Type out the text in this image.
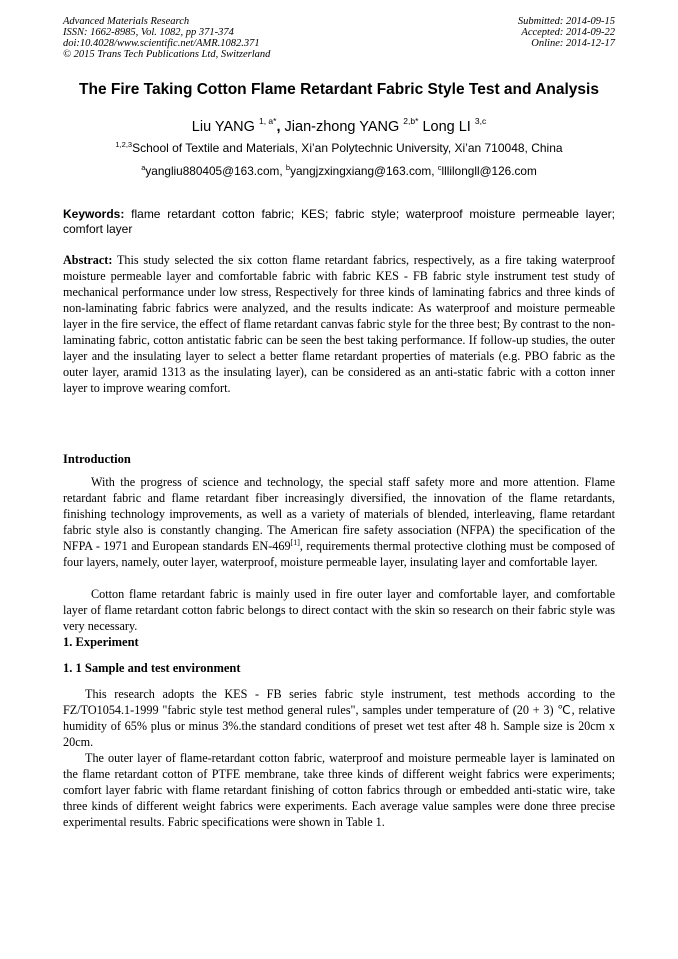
Advanced Materials Research
ISSN: 1662-8985, Vol. 1082, pp 371-374
doi:10.4028/www.scientific.net/AMR.1082.371
© 2015 Trans Tech Publications Ltd, Switzerland
Submitted: 2014-09-15
Accepted: 2014-09-22
Online: 2014-12-17
The Fire Taking Cotton Flame Retardant Fabric Style Test and Analysis
Liu YANG $^{1, a*}$, Jian-zhong YANG $^{2,b*}$ Long LI $^{3,c}$
$^{1,2,3}$School of Textile and Materials, Xi’an Polytechnic University, Xi’an 710048, China
$^a$yangliu880405@163.com, $^b$yangjzxingxiang@163.com, $^c$lllilongll@126.com
Keywords: flame retardant cotton fabric; KES; fabric style; waterproof moisture permeable layer; comfort layer
Abstract: This study selected the six cotton flame retardant fabrics, respectively, as a fire taking waterproof moisture permeable layer and comfortable fabric with fabric KES - FB fabric style instrument test study of mechanical performance under low stress, Respectively for three kinds of laminating fabrics and three kinds of non-laminating fabric fabrics were analyzed, and the results indicate: As waterproof and moisture permeable layer in the fire service, the effect of flame retardant canvas fabric style for the three best; By contrast to the non-laminating fabric, cotton antistatic fabric can be seen the best taking performance. If follow-up studies, the outer layer and the insulating layer to select a better flame retardant properties of materials (e.g. PBO fabric as the outer layer, aramid 1313 as the insulating layer), can be considered as an anti-static fabric with a cotton inner layer to improve wearing comfort.
Introduction
With the progress of science and technology, the special staff safety more and more attention. Flame retardant fabric and flame retardant fiber increasingly diversified, the innovation of the flame retardants, finishing technology improvements, as well as a variety of materials of blended, interleaving, flame retardant fabric style also is constantly changing. The American fire safety association (NFPA) the specification of the NFPA - 1971 and European standards EN-469[1], requirements thermal protective clothing must be composed of four layers, namely, outer layer, waterproof, moisture permeable layer, insulating layer and comfortable layer.
Cotton flame retardant fabric is mainly used in fire outer layer and comfortable layer, and comfortable layer of flame retardant cotton fabric belongs to direct contact with the skin so research on their fabric style was very necessary.
1. Experiment
1. 1 Sample and test environment
This research adopts the KES - FB series fabric style instrument, test methods according to the FZ/TO1054.1-1999 "fabric style test method general rules", samples under temperature of (20 + 3) ℃, relative humidity of 65% plus or minus 3%.the standard conditions of preset wet test after 48 h. Sample size is 20cm x 20cm.
The outer layer of flame-retardant cotton fabric, waterproof and moisture permeable layer is laminated on the flame retardant cotton of PTFE membrane, take three kinds of different weight fabrics were experiments; comfort layer fabric with flame retardant finishing of cotton fabrics through or embedded anti-static wire, take three kinds of different weight fabrics were experiments. Each average value samples were done three precise experimental results. Fabric specifications were shown in Table 1.
